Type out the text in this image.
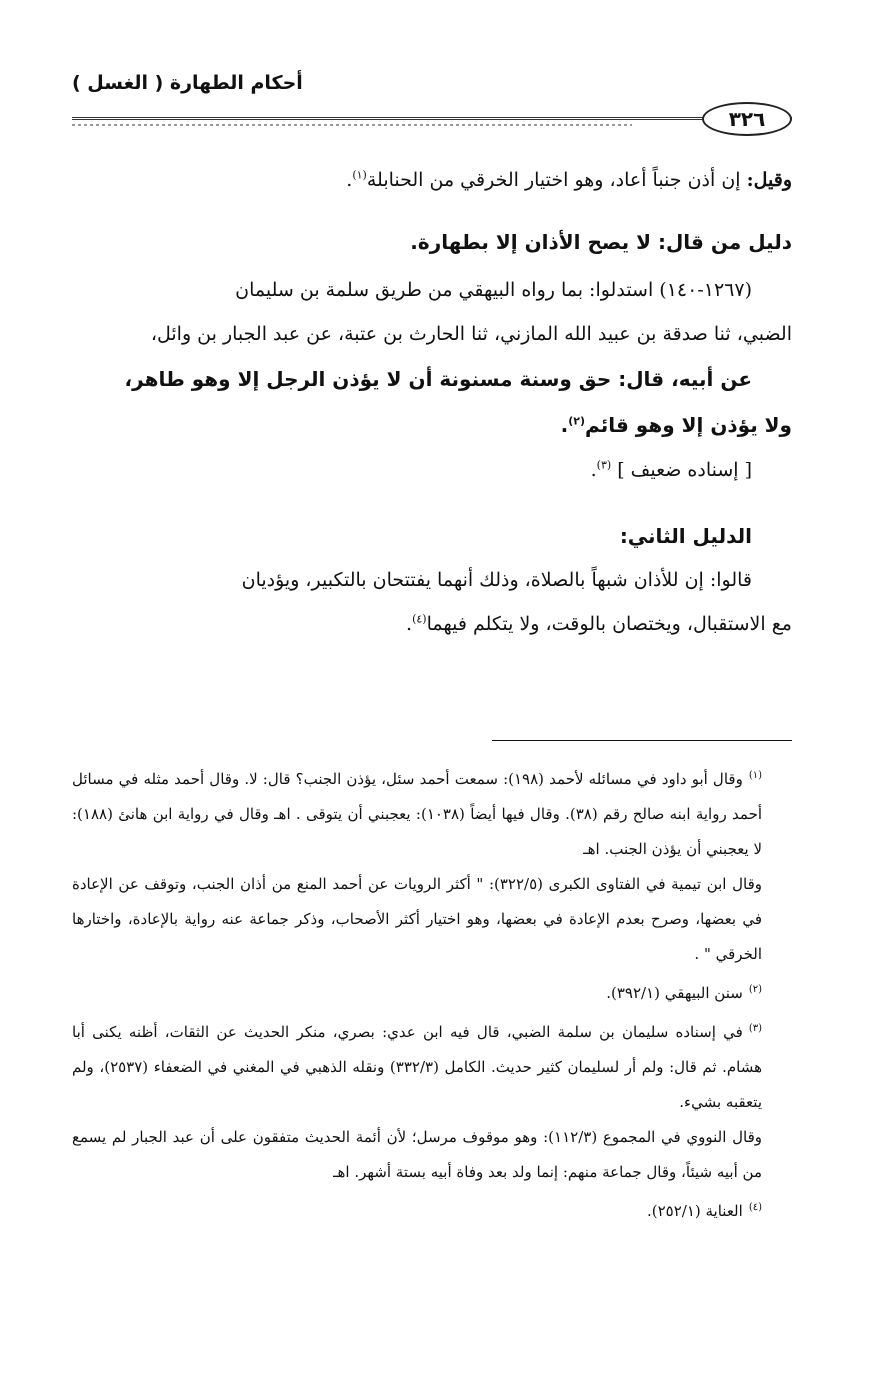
أحكام الطهارة ( الغسل )
٣٢٦

وقيل: إن أذن جنباً أعاد، وهو اختيار الخرقي من الحنابلة$^{(١)}$.

دليل من قال: لا يصح الأذان إلا بطهارة.

(١٢٦٧-١٤٠) استدلوا: بما رواه البيهقي من طريق سلمة بن سليمان

الضبي، ثنا صدقة بن عبيد الله المازني، ثنا الحارث بن عتبة، عن عبد الجبار بن وائل،

عن أبيه، قال: حق وسنة مسنونة أن لا يؤذن الرجل إلا وهو طاهر،

ولا يؤذن إلا وهو قائم$^{(٢)}$.

[ إسناده ضعيف ] $^{(٣)}$.

الدليل الثاني:

قالوا: إن للأذان شبهاً بالصلاة، وذلك أنهما يفتتحان بالتكبير، ويؤديان

مع الاستقبال، ويختصان بالوقت، ولا يتكلم فيهما$^{(٤)}$.

$^{(١)}$وقال أبو داود في مسائله لأحمد (١٩٨): سمعت أحمد سئل، يؤذن الجنب؟ قال: لا. وقال أحمد مثله في مسائل أحمد رواية ابنه صالح رقم (٣٨). وقال فيها أيضاً (١٠٣٨): يعجبني أن يتوقى . اهـ وقال في رواية ابن هانئ (١٨٨): لا يعجبني أن يؤذن الجنب. اهـ

وقال ابن تيمية في الفتاوى الكبرى (٣٢٢/٥): " أكثر الرويات عن أحمد المنع من أذان الجنب، وتوقف عن الإعادة في بعضها، وصرح بعدم الإعادة في بعضها، وهو اختيار أكثر الأصحاب، وذكر جماعة عنه رواية بالإعادة، واختارها الخرقي " .

$^{(٢)}$سنن البيهقي (٣٩٢/١).

$^{(٣)}$في إسناده سليمان بن سلمة الضبي، قال فيه ابن عدي: بصري، منكر الحديث عن الثقات، أظنه يكنى أبا هشام. ثم قال: ولم أر لسليمان كثير حديث. الكامل (٣٣٢/٣) ونقله الذهبي في المغني في الضعفاء (٢٥٣٧)، ولم يتعقبه بشيء.

وقال النووي في المجموع (١١٢/٣): وهو موقوف مرسل؛ لأن أئمة الحديث متفقون على أن عبد الجبار لم يسمع من أبيه شيئاً، وقال جماعة منهم: إنما ولد بعد وفاة أبيه بستة أشهر. اهـ

$^{(٤)}$العناية (٢٥٢/١).
